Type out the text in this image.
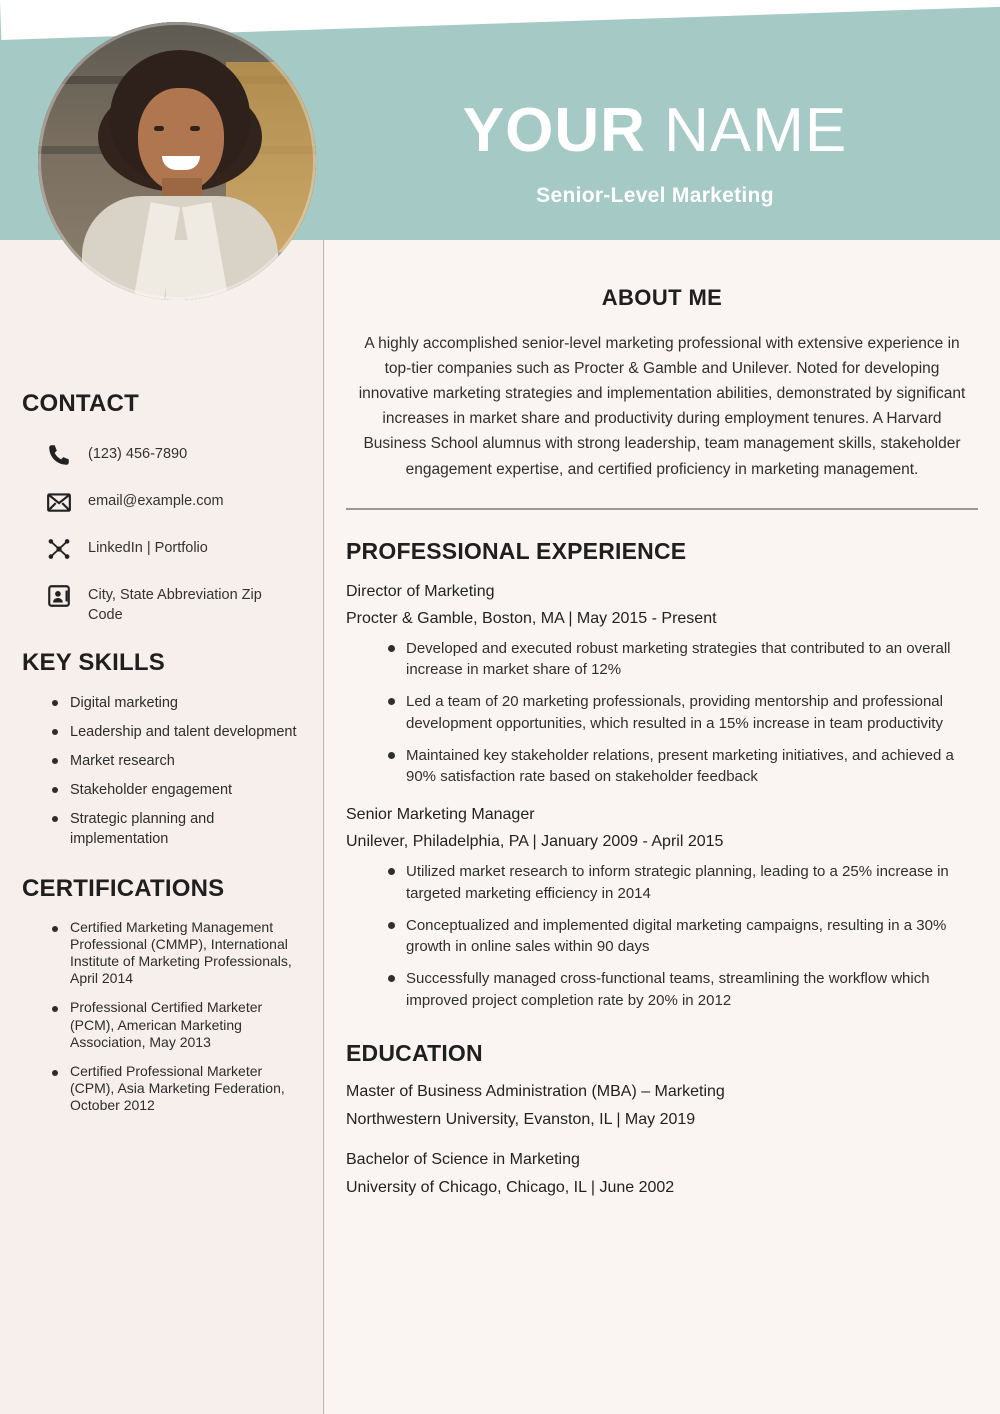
YOUR NAME
Senior-Level Marketing
CONTACT
(123) 456-7890
email@example.com
LinkedIn | Portfolio
City, State Abbreviation Zip Code
KEY SKILLS
Digital marketing
Leadership and talent development
Market research
Stakeholder engagement
Strategic planning and implementation
CERTIFICATIONS
Certified Marketing Management Professional (CMMP), International Institute of Marketing Professionals, April 2014
Professional Certified Marketer (PCM), American Marketing Association, May 2013
Certified Professional Marketer (CPM), Asia Marketing Federation, October 2012
ABOUT ME
A highly accomplished senior-level marketing professional with extensive experience in top-tier companies such as Procter & Gamble and Unilever. Noted for developing innovative marketing strategies and implementation abilities, demonstrated by significant increases in market share and productivity during employment tenures. A Harvard Business School alumnus with strong leadership, team management skills, stakeholder engagement expertise, and certified proficiency in marketing management.
PROFESSIONAL EXPERIENCE
Director of Marketing
Procter & Gamble, Boston, MA | May 2015 - Present
Developed and executed robust marketing strategies that contributed to an overall increase in market share of 12%
Led a team of 20 marketing professionals, providing mentorship and professional development opportunities, which resulted in a 15% increase in team productivity
Maintained key stakeholder relations, present marketing initiatives, and achieved a 90% satisfaction rate based on stakeholder feedback
Senior Marketing Manager
Unilever, Philadelphia, PA | January 2009 - April 2015
Utilized market research to inform strategic planning, leading to a 25% increase in targeted marketing efficiency in 2014
Conceptualized and implemented digital marketing campaigns, resulting in a 30% growth in online sales within 90 days
Successfully managed cross-functional teams, streamlining the workflow which improved project completion rate by 20% in 2012
EDUCATION
Master of Business Administration (MBA) – Marketing
Northwestern University, Evanston, IL | May 2019
Bachelor of Science in Marketing
University of Chicago, Chicago, IL | June 2002
